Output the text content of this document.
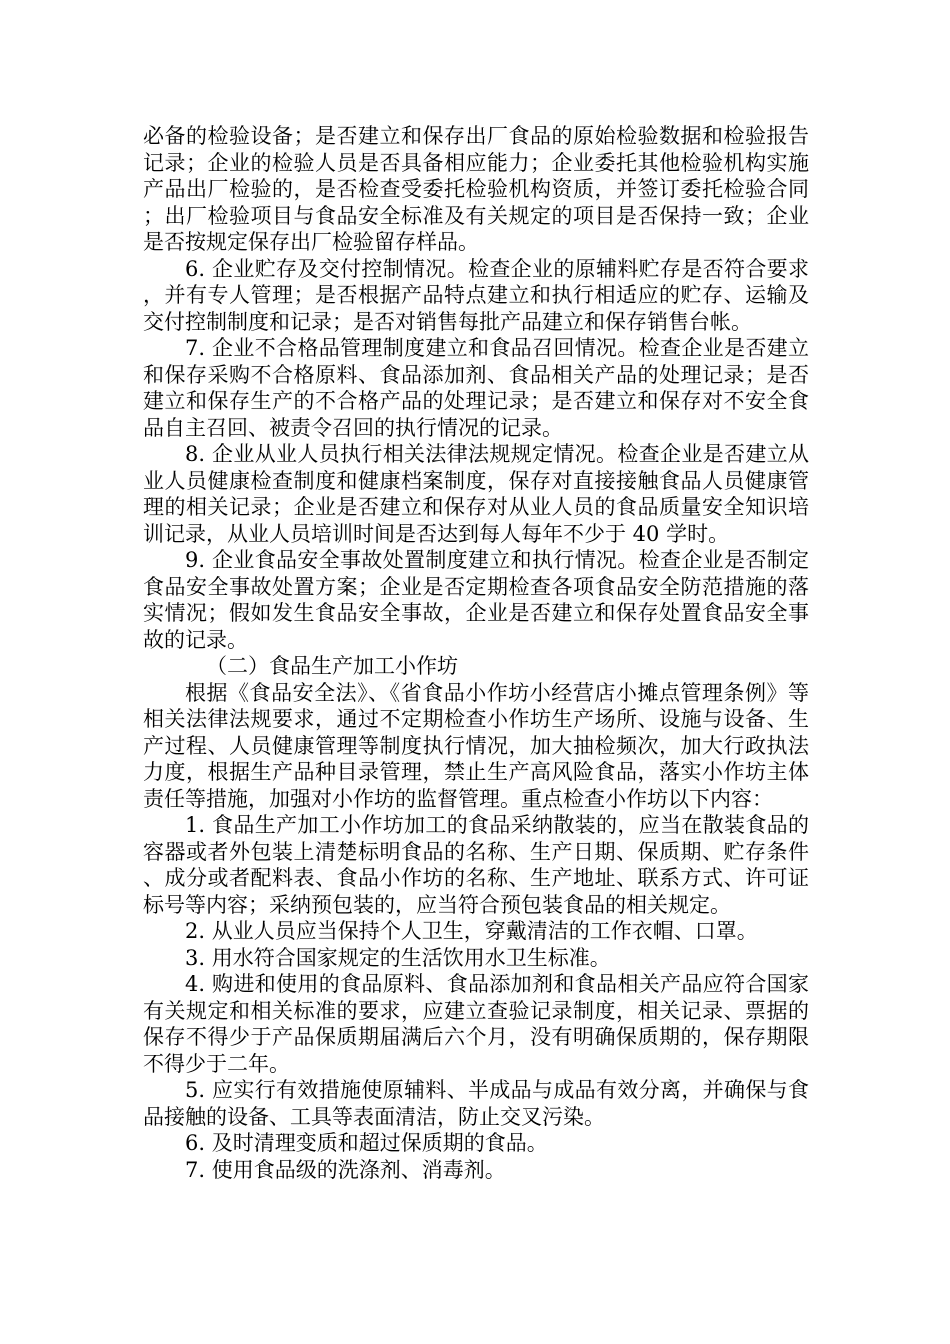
必备的检验设备；是否建立和保存出厂食品的原始检验数据和检验报告记录；企业的检验人员是否具备相应能力；企业委托其他检验机构实施产品出厂检验的，是否检查受委托检验机构资质，并签订委托检验合同；出厂检验项目与食品安全标准及有关规定的项目是否保持一致；企业是否按规定保存出厂检验留存样品。

6. 企业贮存及交付控制情况。检查企业的原辅料贮存是否符合要求，并有专人管理；是否根据产品特点建立和执行相适应的贮存、运输及交付控制制度和记录；是否对销售每批产品建立和保存销售台帐。

7. 企业不合格品管理制度建立和食品召回情况。检查企业是否建立和保存采购不合格原料、食品添加剂、食品相关产品的处理记录；是否建立和保存生产的不合格产品的处理记录；是否建立和保存对不安全食品自主召回、被责令召回的执行情况的记录。

8. 企业从业人员执行相关法律法规规定情况。检查企业是否建立从业人员健康检查制度和健康档案制度，保存对直接接触食品人员健康管理的相关记录；企业是否建立和保存对从业人员的食品质量安全知识培训记录，从业人员培训时间是否达到每人每年不少于 40 学时。

9. 企业食品安全事故处置制度建立和执行情况。检查企业是否制定食品安全事故处置方案；企业是否定期检查各项食品安全防范措施的落实情况；假如发生食品安全事故，企业是否建立和保存处置食品安全事故的记录。

（二）食品生产加工小作坊

根据《食品安全法》、《省食品小作坊小经营店小摊点管理条例》等相关法律法规要求，通过不定期检查小作坊生产场所、设施与设备、生产过程、人员健康管理等制度执行情况，加大抽检频次，加大行政执法力度，根据生产品种目录管理，禁止生产高风险食品，落实小作坊主体责任等措施，加强对小作坊的监督管理。重点检查小作坊以下内容：

1. 食品生产加工小作坊加工的食品采纳散装的，应当在散装食品的容器或者外包装上清楚标明食品的名称、生产日期、保质期、贮存条件、成分或者配料表、食品小作坊的名称、生产地址、联系方式、许可证标号等内容；采纳预包装的，应当符合预包装食品的相关规定。

2. 从业人员应当保持个人卫生，穿戴清洁的工作衣帽、口罩。

3. 用水符合国家规定的生活饮用水卫生标准。

4. 购进和使用的食品原料、食品添加剂和食品相关产品应符合国家有关规定和相关标准的要求，应建立查验记录制度，相关记录、票据的保存不得少于产品保质期届满后六个月，没有明确保质期的，保存期限不得少于二年。

5. 应实行有效措施使原辅料、半成品与成品有效分离，并确保与食品接触的设备、工具等表面清洁，防止交叉污染。

6. 及时清理变质和超过保质期的食品。

7. 使用食品级的洗涤剂、消毒剂。
